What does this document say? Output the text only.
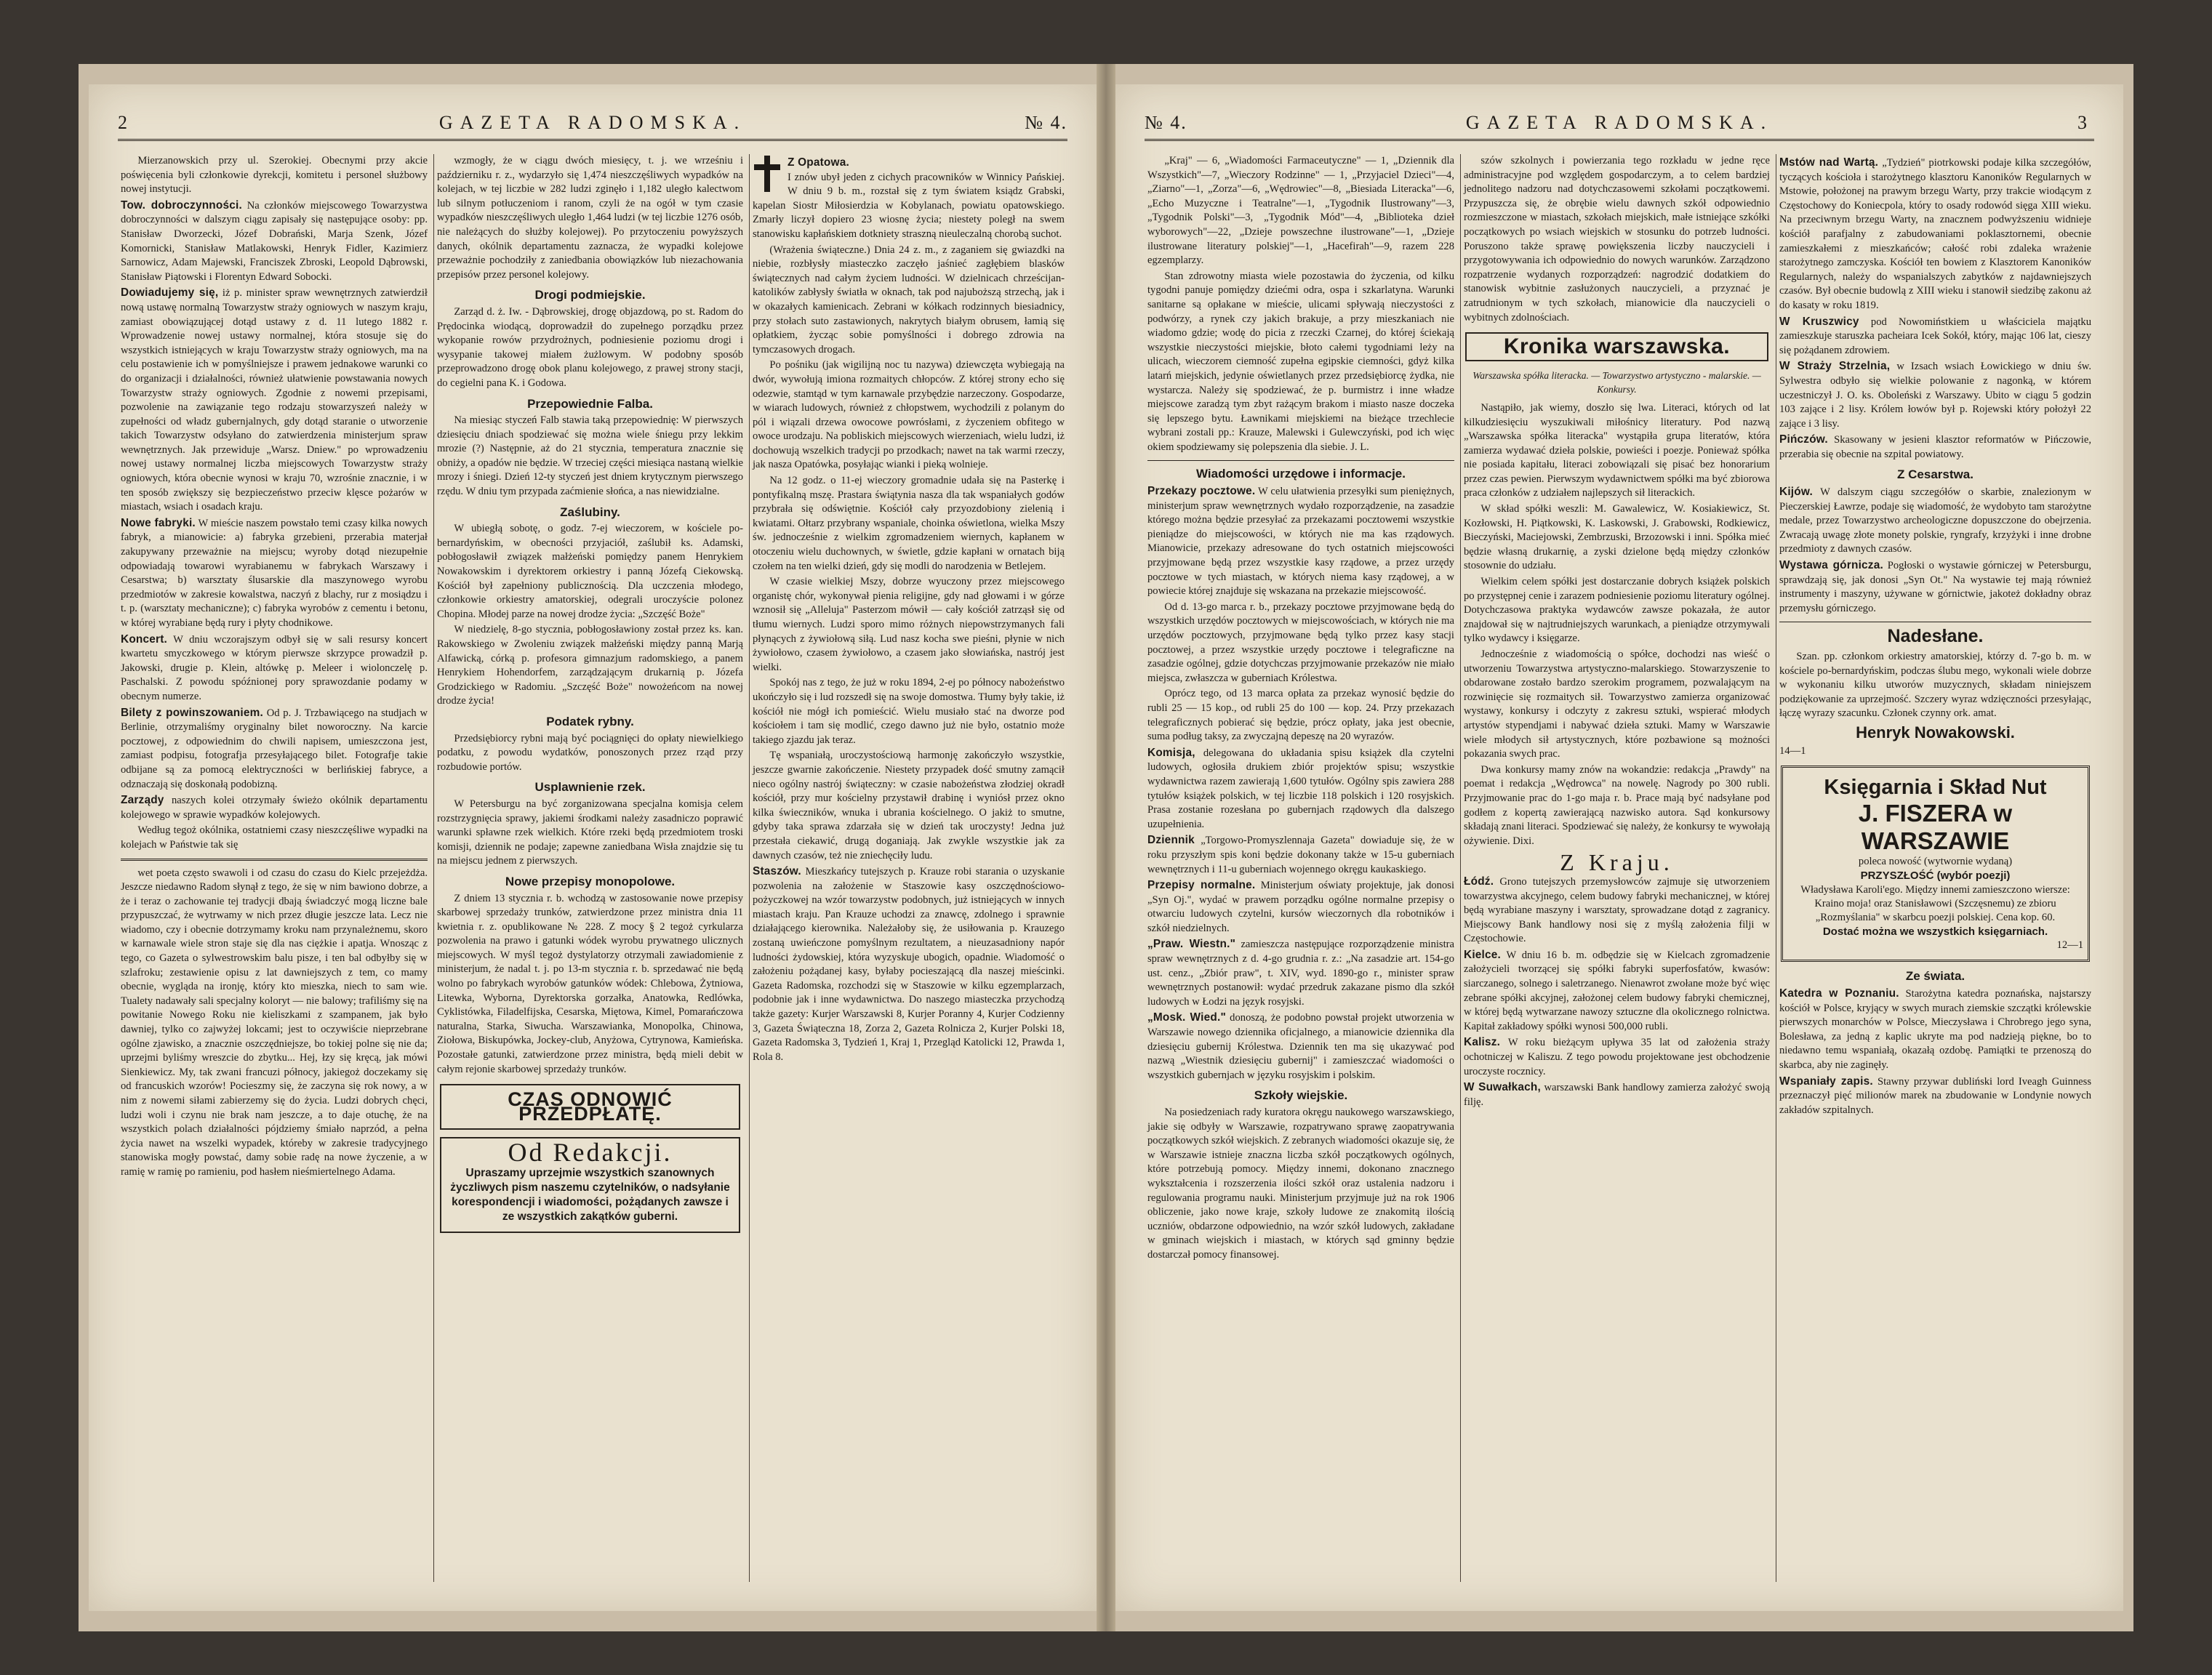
2	GAZETA RADOMSKA.	№ 4.

Mierzanowskich przy ul. Szerokiej. Obecnymi przy akcie poświęcenia byli członkowie dyrekcji, komitetu i personel służbowy nowej instytucji.

Tow. dobroczynności. Na członków miejscowego Towarzystwa dobroczynności w dalszym ciągu zapisały się następujące osoby: pp. Stanisław Dworzecki, Józef Dobrański, Marja Szenk, Józef Komornicki, Stanisław Matlakowski, Henryk Fidler, Kazimierz Sarnowicz, Adam Majewski, Franciszek Zbroski, Leopold Dąbrowski, Stanisław Piątowski i Florentyn Edward Sobocki.

Dowiadujemy się, iż p. minister spraw wewnętrznych zatwierdził nową ustawę normalną Towarzystw straży ogniowych w naszym kraju, zamiast obowiązującej dotąd ustawy z d. 11 lutego 1882 r. Wprowadzenie nowej ustawy normalnej, która stosuje się do wszystkich istniejących w kraju Towarzystw straży ogniowych, ma na celu postawienie ich w pomyślniejsze i prawem jednakowe warunki co do organizacji i działalności, również ułatwienie powstawania nowych Towarzystw straży ogniowych. Zgodnie z nowemi przepisami, pozwolenie na zawiązanie tego rodzaju stowarzyszeń należy w zupełności od władz gubernjalnych, gdy dotąd staranie o utworzenie takich Towarzystw odsyłano do zatwierdzenia ministerjum spraw wewnętrznych. Jak przewiduje „Warsz. Dniew." po wprowadzeniu nowej ustawy normalnej liczba miejscowych Towarzystw straży ogniowych, która obecnie wynosi w kraju 70, wzrośnie znacznie, i w ten sposób zwiększy się bezpieczeństwo przeciw klęsce pożarów w miastach, wsiach i osadach kraju.

Nowe fabryki. W mieście naszem powstało temi czasy kilka nowych fabryk, a mianowicie: a) fabryka grzebieni, przerabia materjał zakupywany przeważnie na miejscu; wyroby dotąd niezupełnie odpowiadają towarowi wyrabianemu w fabrykach Warszawy i Cesarstwa; b) warsztaty ślusarskie dla maszynowego wyrobu przedmiotów w zakresie kowalstwa, naczyń z blachy, rur z mosiądzu i t. p. (warsztaty mechaniczne); c) fabryka wyrobów z cementu i betonu, w której wyrabiane będą rury i płyty chodnikowe.

Koncert. W dniu wczorajszym odbył się w sali resursy koncert kwartetu smyczkowego w którym pierwsze skrzypce prowadził p. Jakowski, drugie p. Klein, altówkę p. Meleer i wiolonczelę p. Paschalski. Z powodu spóźnionej pory sprawozdanie podamy w obecnym numerze.

Bilety z powinszowaniem. Od p. J. Trzbawiącego na studjach w Berlinie, otrzymaliśmy oryginalny bilet noworoczny. Na karcie pocztowej, z odpowiednim do chwili napisem, umieszczona jest, zamiast podpisu, fotografja przesyłającego bilet. Fotografje takie odbijane są za pomocą elektryczności w berlińskiej fabryce, a odznaczają się doskonałą podobizną.

Zarządy naszych kolei otrzymały świeżo okólnik departamentu kolejowego w sprawie wypadków kolejowych.

Według tegoż okólnika, ostatniemi czasy nieszczęśliwe wypadki na kolejach w Państwie tak się

wet poeta często swawoli i od czasu do czasu do Kielc przejeżdża. Jeszcze niedawno Radom słynął z tego, że się w nim bawiono dobrze, a że i teraz o zachowanie tej tradycji dbają świadczyć mogą liczne bale przypuszczać, że wytrwamy w nich przez długie jeszcze lata. Lecz nie wiadomo, czy i obecnie dotrzymamy kroku nam przynależnemu, skoro w karnawale wiele stron staje się dla nas ciężkie i apatja. Wnosząc z tego, co Gazeta o sylwestrowskim balu pisze, i ten bal odbyłby się w szlafroku; zestawienie opisu z lat dawniejszych z tem, co mamy obecnie, wygląda na ironję, który kto mieszka, niech to sam wie. Tualety nadawały sali specjalny koloryt — nie balowy; trafiliśmy się na powitanie Nowego Roku nie kieliszkami z szampanem, jak było dawniej, tylko co zajwyżej lokcami; jest to oczywiście nieprzebrane ogólne zjawisko, a znacznie oszczędniejsze, bo tokiej polne się nie da; uprzejmi byliśmy wreszcie do zbytku... Hej, łzy się kręcą, jak mówi Sienkiewicz. My, tak zwani francuzi północy, jakiegoż doczekamy się od francuskich wzorów! Pocieszmy się, że zaczyna się rok nowy, a w nim z nowemi siłami zabierzemy się do życia. Ludzi dobrych chęci, ludzi woli i czynu nie brak nam jeszcze, a to daje otuchę, że na wszystkich polach działalności pójdziemy śmiało naprzód, a pełna życia nawet na wszelki wypadek, któreby w zakresie tradycyjnego stanowiska mogły powstać, damy sobie radę na nowe życzenie, a w ramię w ramię po ramieniu, pod hasłem nieśmiertelnego Adama.

wzmogły, że w ciągu dwóch miesięcy, t. j. we wrześniu i październiku r. z., wydarzyło się 1,474 nieszczęśliwych wypadków na kolejach, w tej liczbie w 282 ludzi zginęło i 1,182 uległo kalectwom lub silnym potłuczeniom i ranom, czyli że na ogół w tym czasie wypadków nieszczęśliwych uległo 1,464 ludzi (w tej liczbie 1276 osób, nie należących do służby kolejowej). Po przytoczeniu powyższych danych, okólnik departamentu zaznacza, że wypadki kolejowe przeważnie pochodziły z zaniedbania obowiązków lub niezachowania przepisów przez personel kolejowy.

Drogi podmiejskie.

Zarząd d. ż. Iw. - Dąbrowskiej, drogę objazdową, po st. Radom do Prędocinka wiodącą, doprowadził do zupełnego porządku przez wykopanie rowów przydrożnych, podniesienie poziomu drogi i wysypanie takowej miałem żużlowym. W podobny sposób przeprowadzono drogę obok planu kolejowego, z prawej strony stacji, do cegielni pana K. i Godowa.

Przepowiednie Falba.

Na miesiąc styczeń Falb stawia taką przepowiednię: W pierwszych dziesięciu dniach spodziewać się można wiele śniegu przy lekkim mrozie (?) Następnie, aż do 21 stycznia, temperatura znacznie się obniży, a opadów nie będzie. W trzeciej części miesiąca nastaną wielkie mrozy i śniegi. Dzień 12-ty styczeń jest dniem krytycznym pierwszego rzędu. W dniu tym przypada zaćmienie słońca, a nas niewidzialne.

Zaślubiny.

W ubiegłą sobotę, o godz. 7-ej wieczorem, w kościele po-bernardyńskim, w obecności przyjaciół, zaślubił ks. Adamski, pobłogosławił związek małżeński pomiędzy panem Henrykiem Nowakowskim i dyrektorem orkiestry i panną Józefą Ciekowską. Kościół był zapełniony publicznością. Dla uczczenia młodego, członkowie orkiestry amatorskiej, odegrali uroczyście polonez Chopina. Młodej parze na nowej drodze życia: „Szczęść Boże"

W niedzielę, 8-go stycznia, pobłogosławiony został przez ks. kan. Rakowskiego w Zwoleniu związek małżeński między panną Marją Alfawicką, córką p. profesora gimnazjum radomskiego, a panem Henrykiem Hohendorfem, zarządzającym drukarnią p. Józefa Grodzickiego w Radomiu. „Szczęść Boże" nowożeńcom na nowej drodze życia!

Podatek rybny.

Przedsiębiorcy rybni mają być pociągnięci do opłaty niewielkiego podatku, z powodu wydatków, ponoszonych przez rząd przy rozbudowie portów.

Usplawnienie rzek.

W Petersburgu na być zorganizowana specjalna komisja celem rozstrzygnięcia sprawy, jakiemi środkami należy zasadniczo poprawić warunki spławne rzek wielkich. Które rzeki będą przedmiotem troski komisji, dziennik ne podaje; zapewne zaniedbana Wisła znajdzie się tu na miejscu jednem z pierwszych.

Nowe przepisy monopolowe.

Z dniem 13 stycznia r. b. wchodzą w zastosowanie nowe przepisy skarbowej sprzedaży trunków, zatwierdzone przez ministra dnia 11 kwietnia r. z. opublikowane № 228. Z mocy § 2 tegoż cyrkularza pozwolenia na prawo i gatunki wódek wyrobu prywatnego ulicznych miejscowych. W myśl tegoż dystylatorzy otrzymali zawiadomienie z ministerjum, że nadal t. j. po 13-m stycznia r. b. sprzedawać nie będą wolno po fabrykach wyrobów gatunków wódek: Chlebowa, Żytniowa, Litewka, Wyborna, Dyrektorska gorzałka, Anatowka, Redlówka, Cyklistówka, Filadelfijska, Cesarska, Miętowa, Kimel, Pomarańczowa naturalna, Starka, Siwucha. Warszawianka, Monopolka, Chinowa, Ziołowa, Biskupówka, Jockey-club, Anyżowa, Cytrynowa, Kamieńska. Pozostałe gatunki, zatwierdzone przez ministra, będą mieli debit w całym rejonie skarbowej sprzedaży trunków.

CZAS ODNOWIĆ PRZEDPŁATĘ.
Od Redakcji.
Upraszamy uprzejmie wszystkich szanownych życzliwych pism naszemu czytelników, o nadsyłanie korespondencji i wiadomości, pożądanych zawsze i ze wszystkich zakątków guberni.

Z Opatowa.
I znów ubył jeden z cichych pracowników w Winnicy Pańskiej. W dniu 9 b. m., rozstał się z tym światem ksiądz Grabski, kapelan Siostr Miłosierdzia w Kobylanach, powiatu opatowskiego. Zmarły liczył dopiero 23 wiosnę życia; niestety poległ na swem stanowisku kapłańskiem dotkniety straszną nieuleczalną chorobą suchot.

(Wrażenia świąteczne.) Dnia 24 z. m., z zaganiem się gwiazdki na niebie, rozbłysły miasteczko zaczęło jaśnieć zagłębiem blasków świątecznych nad całym życiem ludności. W dzielnicach chrześcijan-katolików zabłysły światła w oknach, tak pod najuboższą strzechą, jak i w okazałych kamienicach. Zebrani w kółkach rodzinnych biesiadnicy, przy stołach suto zastawionych, nakrytych białym obrusem, łamią się opłatkiem, życząc sobie pomyślności i dobrego zdrowia na tymczasowych drogach.

Po pośniku (jak wigilijną noc tu nazywa) dziewczęta wybiegają na dwór, wywołują imiona rozmaitych chłopców. Z której strony echo się odezwie, stamtąd w tym karnawale przybędzie narzeczony. Gospodarze, w wiarach ludowych, również z chłopstwem, wychodzili z polanym do pól i wiązali drzewa owocowe powrósłami, z życzeniem obfitego w owoce urodzaju. Na pobliskich miejscowych wierzeniach, wielu ludzi, iż dochowują wszelkich tradycji po przodkach; nawet na tak warmi rzeczy, jak nasza Opatówka, posyłając wianki i pieką wolnieje.

Na 12 godz. o 11-ej wieczory gromadnie udała się na Pasterkę i pontyfikalną mszę. Prastara świątynia nasza dla tak wspaniałych godów przybrała się odświętnie. Kościół cały przyozdobiony zielenią i kwiatami. Ołtarz przybrany wspaniale, choinka oświetlona, wielka Mszy św. jednocześnie z wielkim zgromadzeniem wiernych, kapłanem w otoczeniu wielu duchownych, w świetle, gdzie kapłani w ornatach biją czołem na ten wielki dzień, gdy się modli do narodzenia w Betlejem.

W czasie wielkiej Mszy, dobrze wyuczony przez miejscowego organistę chór, wykonywał pienia religijne, gdy nad głowami i w górze wznosił się „Alleluja" Pasterzom mówił — cały kościół zatrząsł się od tłumu wiernych. Ludzi sporo mimo różnych niepowstrzymanych fali płynących z żywiołową siłą. Lud nasz kocha swe pieśni, płynie w nich żywiołowo, czasem żywiołowo, a czasem jako słowiańska, nastrój jest wielki.

Spokój nas z tego, że już w roku 1894, 2-ej po północy nabożeństwo ukończyło się i lud rozszedł się na swoje domostwa. Tłumy były takie, iż kościół nie mógł ich pomieścić. Wielu musiało stać na dworze pod kościołem i tam się modlić, czego dawno już nie było, ostatnio może takiego zjazdu jak teraz.

Tę wspaniałą, uroczystościową harmonję zakończyło wszystkie, jeszcze gwarnie zakończenie. Niestety przypadek dość smutny zamącił nieco ogólny nastrój świąteczny: w czasie nabożeństwa złodziej okradł kościół, przy mur kościelny przystawił drabinę i wyniósł przez okno kilka świeczników, wnuka i ubrania kościelnego. O jakiż to smutne, gdyby taka sprawa zdarzała się w dzień tak uroczysty! Jedna już przestała ciekawić, drugą doganiają. Jak zwykle wszystkie jak za dawnych czasów, też nie zniechęciły ludu.

Staszów. Mieszkańcy tutejszych p. Krauze robi starania o uzyskanie pozwolenia na założenie w Staszowie kasy oszczędnościowo-pożyczkowej na wzór towarzystw podobnych, już istniejących w innych miastach kraju. Pan Krauze uchodzi za znawcę, zdolnego i sprawnie działającego kierownika. Należałoby się, że usiłowania p. Krauzego zostaną uwieńczone pomyślnym rezultatem, a nieuzasadniony napór ludności żydowskiej, która wyzyskuje ubogich, opadnie. Wiadomość o założeniu pożądanej kasy, byłaby pocieszającą dla naszej mieścinki. Gazeta Radomska, rozchodzi się w Staszowie w kilku egzemplarzach, podobnie jak i inne wydawnictwa. Do naszego miasteczka przychodzą także gazety: Kurjer Warszawski 8, Kurjer Poranny 4, Kurjer Codzienny 3, Gazeta Świąteczna 18, Zorza 2, Gazeta Rolnicza 2, Kurjer Polski 18, Gazeta Radomska 3, Tydzień 1, Kraj 1, Przegląd Katolicki 12, Prawda 1, Rola 8.

№ 4.	GAZETA RADOMSKA.	3

„Kraj" — 6, „Wiadomości Farmaceutyczne" — 1, „Dziennik dla Wszystkich"—7, „Wieczory Rodzinne" — 1, „Przyjaciel Dzieci"—4, „Ziarno"—1, „Zorza"—6, „Wędrowiec"—8, „Biesiada Literacka"—6, „Echo Muzyczne i Teatralne"—1, „Tygodnik Ilustrowany"—3, „Tygodnik Polski"—3, „Tygodnik Mód"—4, „Biblioteka dzieł wyborowych"—22, „Dzieje powszechne ilustrowane"—1, „Dzieje ilustrowane literatury polskiej"—1, „Hacefirah"—9, razem 228 egzemplarzy.

Stan zdrowotny miasta wiele pozostawia do życzenia, od kilku tygodni panuje pomiędzy dziećmi odra, ospa i szkarlatyna. Warunki sanitarne są opłakane w mieście, ulicami spływają nieczystości z podwórzy, a rynek czy jakich brakuje, a przy mieszkaniach nie wiadomo gdzie; wodę do picia z rzeczki Czarnej, do której ściekają wszystkie nieczystości miejskie, błoto całemi tygodniami leży na ulicach, wieczorem ciemność zupełna egipskie ciemności, gdyż kilka latarń miejskich, jedynie oświetlanych przez przedsiębiorcę żydka, nie wystarcza. Należy się spodziewać, że p. burmistrz i inne władze miejscowe zaradzą tym zbyt rażącym brakom i miasto nasze doczeka się lepszego bytu. Ławnikami miejskiemi na bieżące trzechlecie wybrani zostali pp.: Krauze, Malewski i Gulewczyński, pod ich więc okiem spodziewamy się polepszenia dla siebie. J. L.

Wiadomości urzędowe i informacje.

Przekazy pocztowe. W celu ułatwienia przesyłki sum pieniężnych, ministerjum spraw wewnętrznych wydało rozporządzenie, na zasadzie którego można będzie przesyłać za przekazami pocztowemi wszystkie pieniądze do miejscowości, w których nie ma kas rządowych. Mianowicie, przekazy adresowane do tych ostatnich miejscowości przyjmowane będą przez wszystkie kasy rządowe, a przez urzędy pocztowe w tych miastach, w których niema kasy rządowej, a w powiecie której znajduje się wskazana na przekazie miejscowość.

Od d. 13-go marca r. b., przekazy pocztowe przyjmowane będą do wszystkich urzędów pocztowych w miejscowościach, w których nie ma urzędów pocztowych, przyjmowane będą tylko przez kasy stacji pocztowej, a przez wszystkie urzędy pocztowe i telegraficzne na zasadzie ogólnej, gdzie dotychczas przyjmowanie przekazów nie miało miejsca, zwłaszcza w guberniach Królestwa.

Oprócz tego, od 13 marca opłata za przekaz wynosić będzie do rubli 25 — 15 kop., od rubli 25 do 100 — kop. 24. Przy przekazach telegraficznych pobierać się będzie, prócz opłaty, jaka jest obecnie, suma podług taksy, za zwyczajną depeszę na 20 wyrazów.

Komisja, delegowana do układania spisu książek dla czytelni ludowych, ogłosiła drukiem zbiór projektów spisu; wszystkie wydawnictwa razem zawierają 1,600 tytułów. Ogólny spis zawiera 288 tytułów książek polskich, w tej liczbie 118 polskich i 120 rosyjskich. Prasa zostanie rozesłana po gubernjach rządowych dla dalszego uzupełnienia.

Dziennik „Torgowo-Promyszlennaja Gazeta" dowiaduje się, że w roku przyszłym spis koni będzie dokonany także w 15-u guberniach wewnętrznych i 11-u guberniach wojennego okręgu kaukaskiego.

Przepisy normalne. Ministerjum oświaty projektuje, jak donosi „Syn Oj.", wydać w prawem porządku ogólne normalne przepisy o otwarciu ludowych czytelni, kursów wieczornych dla robotników i szkół niedzielnych.

„Praw. Wiestn." zamieszcza następujące rozporządzenie ministra spraw wewnętrznych z d. 4-go grudnia r. z.: „Na zasadzie art. 154-go ust. cenz., „Zbiór praw", t. XIV, wyd. 1890-go r., minister spraw wewnętrznych postanowił: wydać przedruk zakazane pismo dla szkół ludowych w Łodzi na język rosyjski.

„Mosk. Wied." donoszą, że podobno powstał projekt utworzenia w Warszawie nowego dziennika oficjalnego, a mianowicie dziennika dla dziesięciu gubernij Królestwa. Dziennik ten ma się ukazywać pod nazwą „Wiestnik dziesięciu gubernij" i zamieszczać wiadomości o wszystkich gubernjach w języku rosyjskim i polskim.

Szkoły wiejskie.

Na posiedzeniach rady kuratora okręgu naukowego warszawskiego, jakie się odbyły w Warszawie, rozpatrywano sprawę zaopatrywania początkowych szkół wiejskich. Z zebranych wiadomości okazuje się, że w Warszawie istnieje znaczna liczba szkół początkowych ogólnych, które potrzebują pomocy. Między innemi, dokonano znacznego wykształcenia i rozszerzenia ilości szkół oraz ustalenia nadzoru i regulowania programu nauki. Ministerjum przyjmuje już na rok 1906 obliczenie, jako nowe kraje, szkoły ludowe ze znakomitą ilością uczniów, obdarzone odpowiednio, na wzór szkół ludowych, zakładane w gminach wiejskich i miastach, w których sąd gminny będzie dostarczał pomocy finansowej.

szów szkolnych i powierzania tego rozkładu w jedne ręce administracyjne pod względem gospodarczym, a to celem bardziej jednolitego nadzoru nad dotychczasowemi szkołami początkowemi. Przypuszcza się, że obrębie wielu dawnych szkół odpowiednio rozmieszczone w miastach, szkołach miejskich, małe istniejące szkółki początkowych po wsiach wiejskich w stosunku do potrzeb ludności. Poruszono także sprawę powiększenia liczby nauczycieli i przygotowywania ich odpowiednio do nowych warunków. Zarządzono rozpatrzenie wydanych rozporządzeń: nagrodzić dodatkiem do stanowisk wybitnie zasłużonych nauczycieli, a przyznać je zatrudnionym w tych szkołach, mianowicie dla nauczycieli o wybitnych zdolnościach.

Kronika warszawska.
Warszawska spółka literacka. — Towarzystwo artystyczno - malarskie. — Konkursy.

Nastąpiło, jak wiemy, doszło się lwa. Literaci, których od lat kilkudziesięciu wyszukiwali miłośnicy literatury. Pod nazwą „Warszawska spółka literacka" wystąpiła grupa literatów, która zamierza wydawać dzieła polskie, powieści i poezje. Ponieważ spółka nie posiada kapitału, literaci zobowiązali się pisać bez honorarium przez czas pewien. Pierwszym wydawnictwem spółki ma być zbiorowa praca członków z udziałem najlepszych sił literackich.

W skład spółki weszli: M. Gawalewicz, W. Kosiakiewicz, St. Kozłowski, H. Piątkowski, K. Laskowski, J. Grabowski, Rodkiewicz, Bieczyński, Maciejowski, Zembrzuski, Brzozowski i inni. Spółka mieć będzie własną drukarnię, a zyski dzielone będą między członków stosownie do udziału.

Wielkim celem spółki jest dostarczanie dobrych książek polskich po przystępnej cenie i zarazem podniesienie poziomu literatury ogólnej. Dotychczasowa praktyka wydawców zawsze pokazała, że autor znajdował się w najtrudniejszych warunkach, a pieniądze otrzymywali tylko wydawcy i księgarze.

Jednocześnie z wiadomością o spółce, dochodzi nas wieść o utworzeniu Towarzystwa artystyczno-malarskiego. Stowarzyszenie to obdarowane zostało bardzo szerokim programem, pozwalającym na rozwinięcie się rozmaitych sił. Towarzystwo zamierza organizować wystawy, konkursy i odczyty z zakresu sztuki, wspierać młodych artystów stypendjami i nabywać dzieła sztuki. Mamy w Warszawie wiele młodych sił artystycznych, które pozbawione są możności pokazania swych prac.

Dwa konkursy mamy znów na wokandzie: redakcja „Prawdy" na poemat i redakcja „Wędrowca" na nowelę. Nagrody po 300 rubli. Przyjmowanie prac do 1-go maja r. b. Prace mają być nadsyłane pod godłem z kopertą zawierającą nazwisko autora. Sąd konkursowy składają znani literaci. Spodziewać się należy, że konkursy te wywołają ożywienie. Dixi.

Z Kraju.

Łódź. Grono tutejszych przemysłowców zajmuje się utworzeniem towarzystwa akcyjnego, celem budowy fabryki mechanicznej, w której będą wyrabiane maszyny i warsztaty, sprowadzane dotąd z zagranicy. Miejscowy Bank handlowy nosi się z myślą założenia filji w Częstochowie.

Kielce. W dniu 16 b. m. odbędzie się w Kielcach zgromadzenie założycieli tworzącej się spółki fabryki superfosfatów, kwasów: siarczanego, solnego i saletrzanego. Nienawrot zwołane może być więc zebrane spółki akcyjnej, założonej celem budowy fabryki chemicznej, w której będą wytwarzane nawozy sztuczne dla okolicznego rolnictwa. Kapitał zakładowy spółki wynosi 500,000 rubli.

Kalisz. W roku bieżącym upływa 35 lat od założenia straży ochotniczej w Kaliszu. Z tego powodu projektowane jest obchodzenie uroczyste rocznicy.

W Suwałkach, warszawski Bank handlowy zamierza założyć swoją filję.

Mstów nad Wartą. „Tydzień" piotrkowski podaje kilka szczegółów, tyczących kościoła i starożytnego klasztoru Kanoników Regularnych w Mstowie, położonej na prawym brzegu Warty, przy trakcie wiodącym z Częstochowy do Koniecpola, który to osady rodowód sięga XIII wieku. Na przeciwnym brzegu Warty, na znacznem podwyższeniu widnieje kościół parafjalny z zabudowaniami poklasztornemi, obecnie zamieszkałemi z mieszkańców; całość robi zdaleka wrażenie starożytnego zamczyska. Kościół ten bowiem z Klasztorem Kanoników Regularnych, należy do wspanialszych zabytków z najdawniejszych czasów. Był obecnie budowlą z XIII wieku i stanowił siedzibę zakonu aż do kasaty w roku 1819.

W Kruszwicy pod Nowomiństkiem u właściciela majątku zamieszkuje staruszka pacheiara Icek Sokół, który, mając 106 lat, cieszy się pożądanem zdrowiem.

W Straży Strzelnia, w Izsach wsiach Łowickiego w dniu św. Sylwestra odbyło się wielkie polowanie z nagonką, w którem uczestniczył J. O. ks. Oboleński z Warszawy. Ubito w ciągu 5 godzin 103 zające i 2 lisy. Królem łowów był p. Rojewski który położył 22 zające i 3 lisy.

Pińczów. Skasowany w jesieni klasztor reformatów w Pińczowie, przerabia się obecnie na szpital powiatowy.

Z Cesarstwa.

Kijów. W dalszym ciągu szczegółów o skarbie, znalezionym w Pieczerskiej Ławrze, podaje się wiadomość, że wydobyto tam starożytne medale, przez Towarzystwo archeologiczne dopuszczone do obejrzenia. Zwracają uwagę złote monety polskie, ryngrafy, krzyżyki i inne drobne przedmioty z dawnych czasów.

Wystawa górnicza. Pogłoski o wystawie górniczej w Petersburgu, sprawdzają się, jak donosi „Syn Ot." Na wystawie tej mają również instrumenty i maszyny, używane w górnictwie, jakoteż dokładny obraz przemysłu górniczego.

Nadesłane.

Szan. pp. członkom orkiestry amatorskiej, którzy d. 7-go b. m. w kościele po-bernardyńskim, podczas ślubu mego, wykonali wiele dobrze w wykonaniu kilku utworów muzycznych, składam niniejszem podziękowanie za uprzejmość. Szczery wyraz wdzięczności przesyłając, łączę wyrazy szacunku. Członek czynny ork. amat.

Henryk Nowakowski.

14—1

Księgarnia i Skład Nut
J. FISZERA w WARSZAWIE
poleca nowość (wytwornie wydaną)
PRZYSZŁOŚĆ (wybór poezji)
Władysława Karoli'ego. Między innemi zamieszczono wiersze: Kraino moja! oraz Stanisławowi (Szczęsnemu) ze zbioru „Rozmyślania" w skarbcu poezji polskiej. Cena kop. 60.
Dostać można we wszystkich księgarniach.
12—1
Ze świata.

Katedra w Poznaniu. Starożytna katedra poznańska, najstarszy kościół w Polsce, kryjący w swych murach ziemskie szczątki królewskie pierwszych monarchów w Polsce, Mieczysława i Chrobrego jego syna, Bolesława, za jedną z kaplic ukryte ma pod nadzieją piękne, bo to niedawno temu wspaniałą, okazałą ozdobę. Pamiątki te przenoszą do skarbca, aby nie zaginęły.

Wspaniały zapis. Stawny przywar dubliński lord Iveagh Guinness przeznaczył pięć milionów marek na zbudowanie w Londynie nowych zakładów szpitalnych.
